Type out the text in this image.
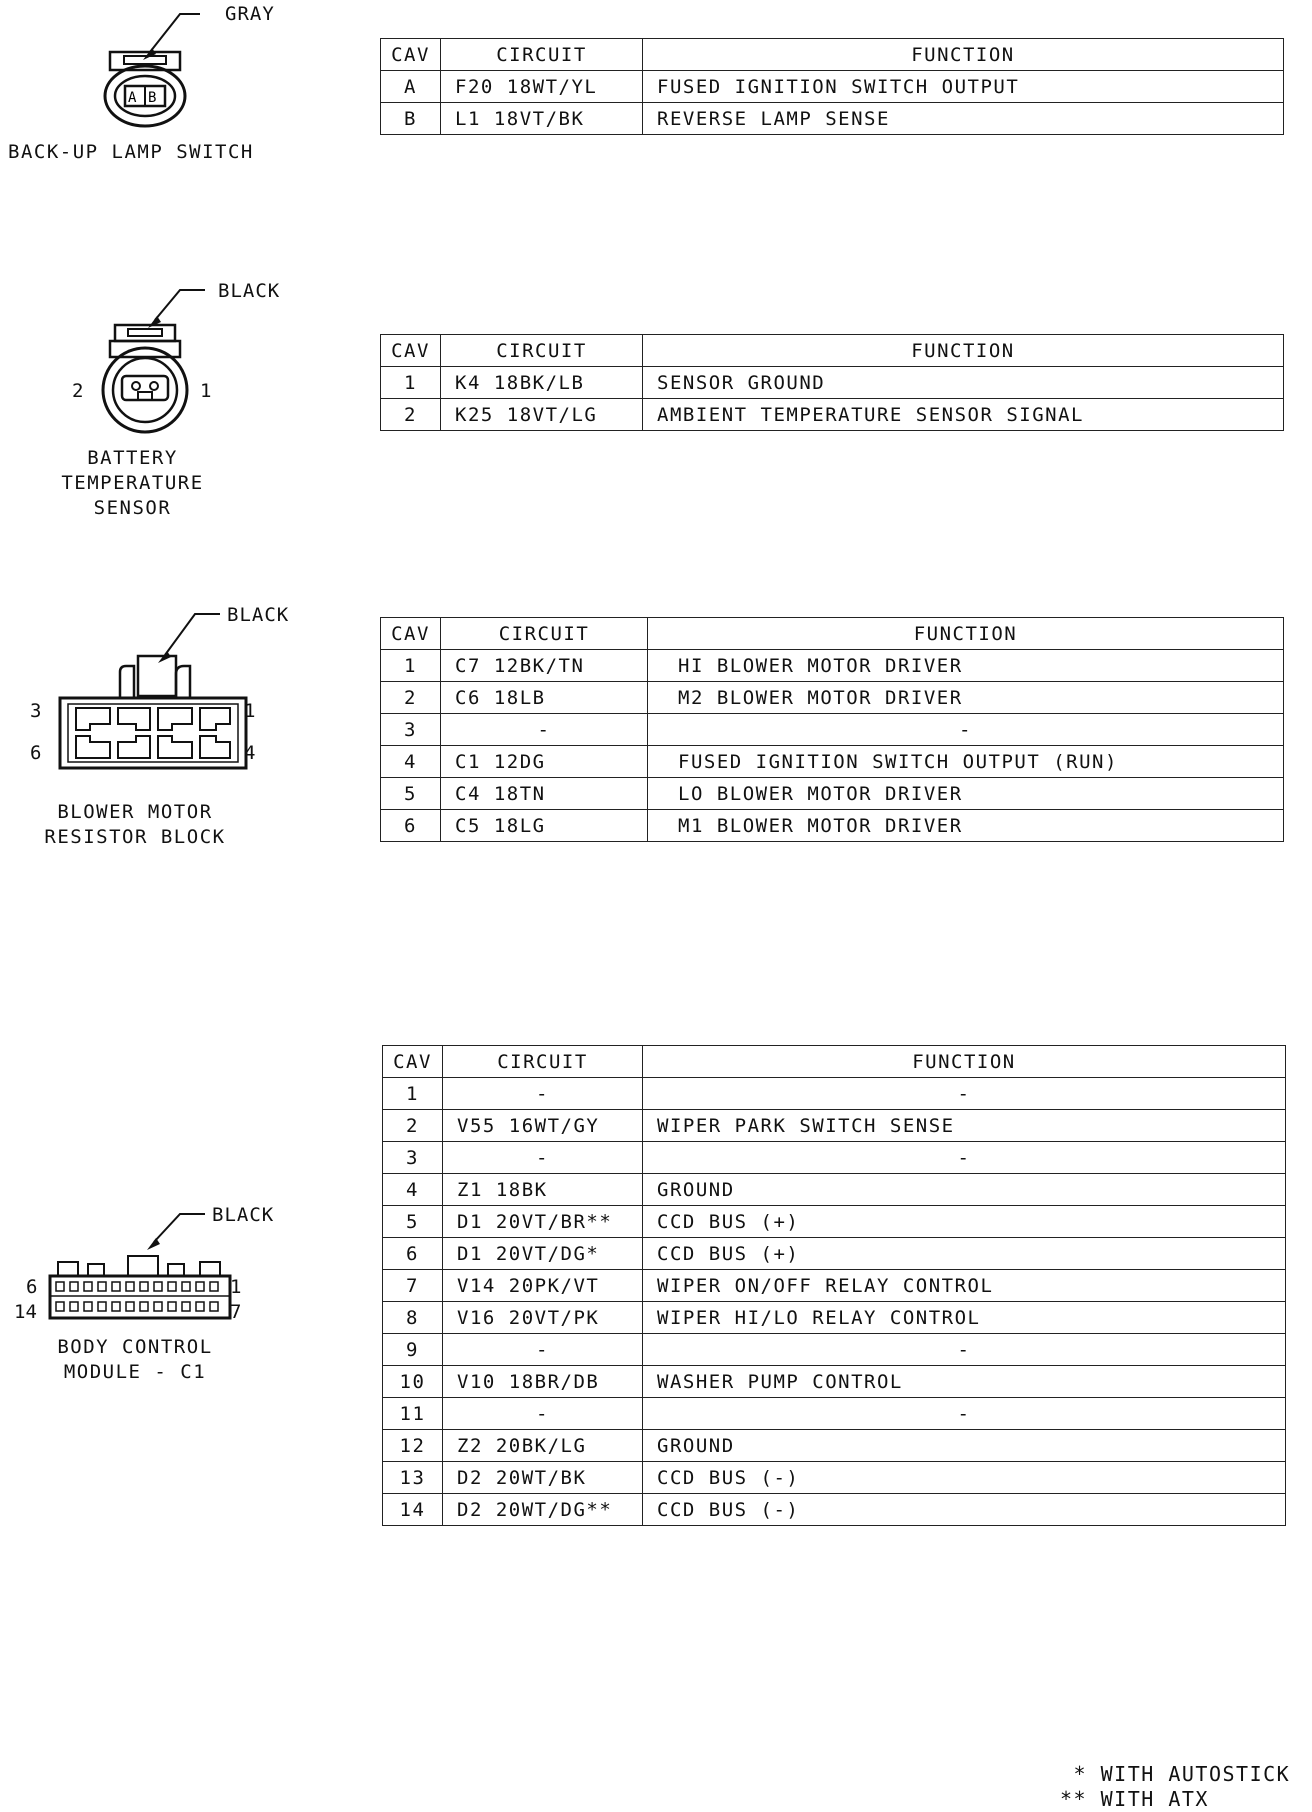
A B
GRAY
BACK-UP LAMP SWITCH
CAV	CIRCUIT	FUNCTION
A	F20 18WT/YL	FUSED IGNITION SWITCH OUTPUT
B	L1 18VT/BK	REVERSE LAMP SENSE
BLACK
2	1
BATTERY
TEMPERATURE
SENSOR
CAV	CIRCUIT	FUNCTION
1	K4 18BK/LB	SENSOR GROUND
2	K25 18VT/LG	AMBIENT TEMPERATURE SENSOR SIGNAL
BLACK
3	1
6	4
BLOWER MOTOR
RESISTOR BLOCK
CAV	CIRCUIT	FUNCTION
1	C7 12BK/TN	HI BLOWER MOTOR DRIVER
2	C6 18LB	M2 BLOWER MOTOR DRIVER
3	-	-
4	C1 12DG	FUSED IGNITION SWITCH OUTPUT (RUN)
5	C4 18TN	LO BLOWER MOTOR DRIVER
6	C5 18LG	M1 BLOWER MOTOR DRIVER
BLACK
6	1
14	7
BODY CONTROL
MODULE - C1
CAV	CIRCUIT	FUNCTION
1	-	-
2	V55 16WT/GY	WIPER PARK SWITCH SENSE
3	-	-
4	Z1 18BK	GROUND
5	D1 20VT/BR**	CCD BUS (+)
6	D1 20VT/DG*	CCD BUS (+)
7	V14 20PK/VT	WIPER ON/OFF RELAY CONTROL
8	V16 20VT/PK	WIPER HI/LO RELAY CONTROL
9	-	-
10	V10 18BR/DB	WASHER PUMP CONTROL
11	-	-
12	Z2 20BK/LG	GROUND
13	D2 20WT/BK	CCD BUS (-)
14	D2 20WT/DG**	CCD BUS (-)
* WITH AUTOSTICK
** WITH ATX
